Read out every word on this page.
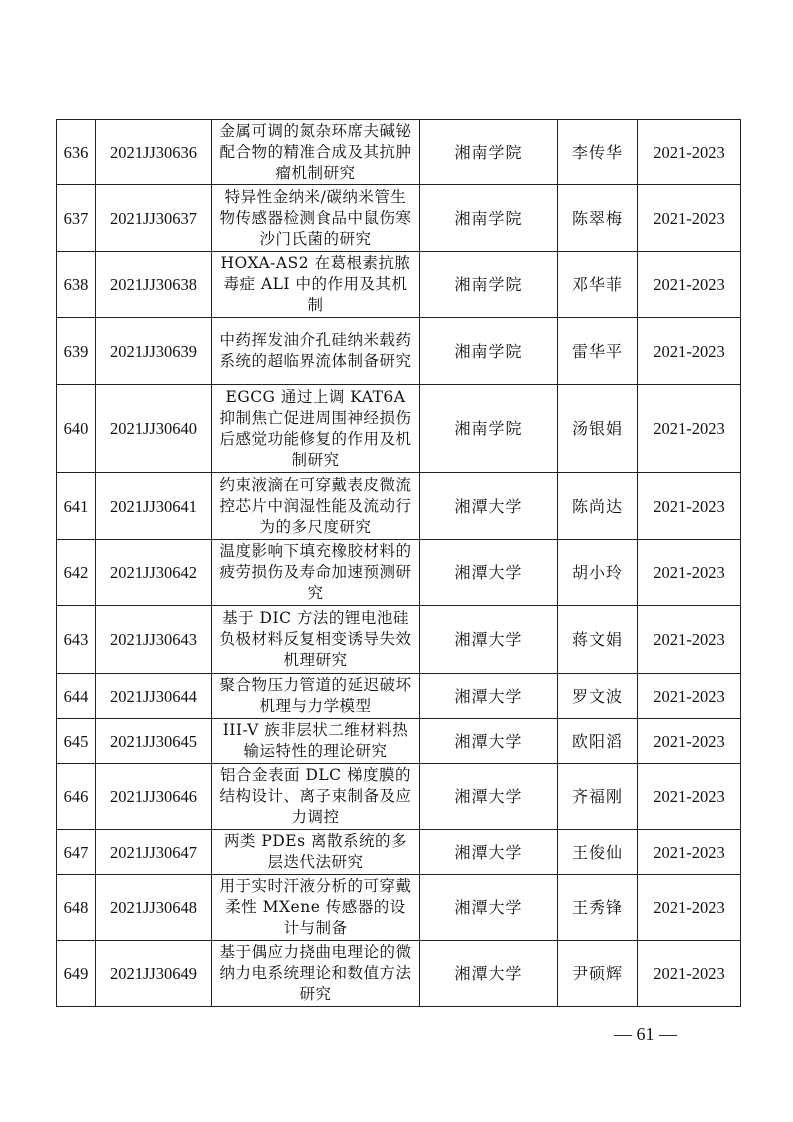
636	2021JJ30636	金属可调的氮杂环席夫碱铋配合物的精准合成及其抗肿瘤机制研究	湘南学院	李传华	2021-2023
637	2021JJ30637	特异性金纳米/碳纳米管生物传感器检测食品中鼠伤寒沙门氏菌的研究	湘南学院	陈翠梅	2021-2023
638	2021JJ30638	HOXA-AS2 在葛根素抗脓毒症 ALI 中的作用及其机制	湘南学院	邓华菲	2021-2023
639	2021JJ30639	中药挥发油介孔硅纳米载药系统的超临界流体制备研究	湘南学院	雷华平	2021-2023
640	2021JJ30640	EGCG 通过上调 KAT6A 抑制焦亡促进周围神经损伤后感觉功能修复的作用及机制研究	湘南学院	汤银娟	2021-2023
641	2021JJ30641	约束液滴在可穿戴表皮微流控芯片中润湿性能及流动行为的多尺度研究	湘潭大学	陈尚达	2021-2023
642	2021JJ30642	温度影响下填充橡胶材料的疲劳损伤及寿命加速预测研究	湘潭大学	胡小玲	2021-2023
643	2021JJ30643	基于 DIC 方法的锂电池硅负极材料反复相变诱导失效机理研究	湘潭大学	蒋文娟	2021-2023
644	2021JJ30644	聚合物压力管道的延迟破坏机理与力学模型	湘潭大学	罗文波	2021-2023
645	2021JJ30645	III-V 族非层状二维材料热输运特性的理论研究	湘潭大学	欧阳滔	2021-2023
646	2021JJ30646	铝合金表面 DLC 梯度膜的结构设计、离子束制备及应力调控	湘潭大学	齐福刚	2021-2023
647	2021JJ30647	两类 PDEs 离散系统的多层迭代法研究	湘潭大学	王俊仙	2021-2023
648	2021JJ30648	用于实时汗液分析的可穿戴柔性 MXene 传感器的设计与制备	湘潭大学	王秀锋	2021-2023
649	2021JJ30649	基于偶应力挠曲电理论的微纳力电系统理论和数值方法研究	湘潭大学	尹硕辉	2021-2023
— 61 —
